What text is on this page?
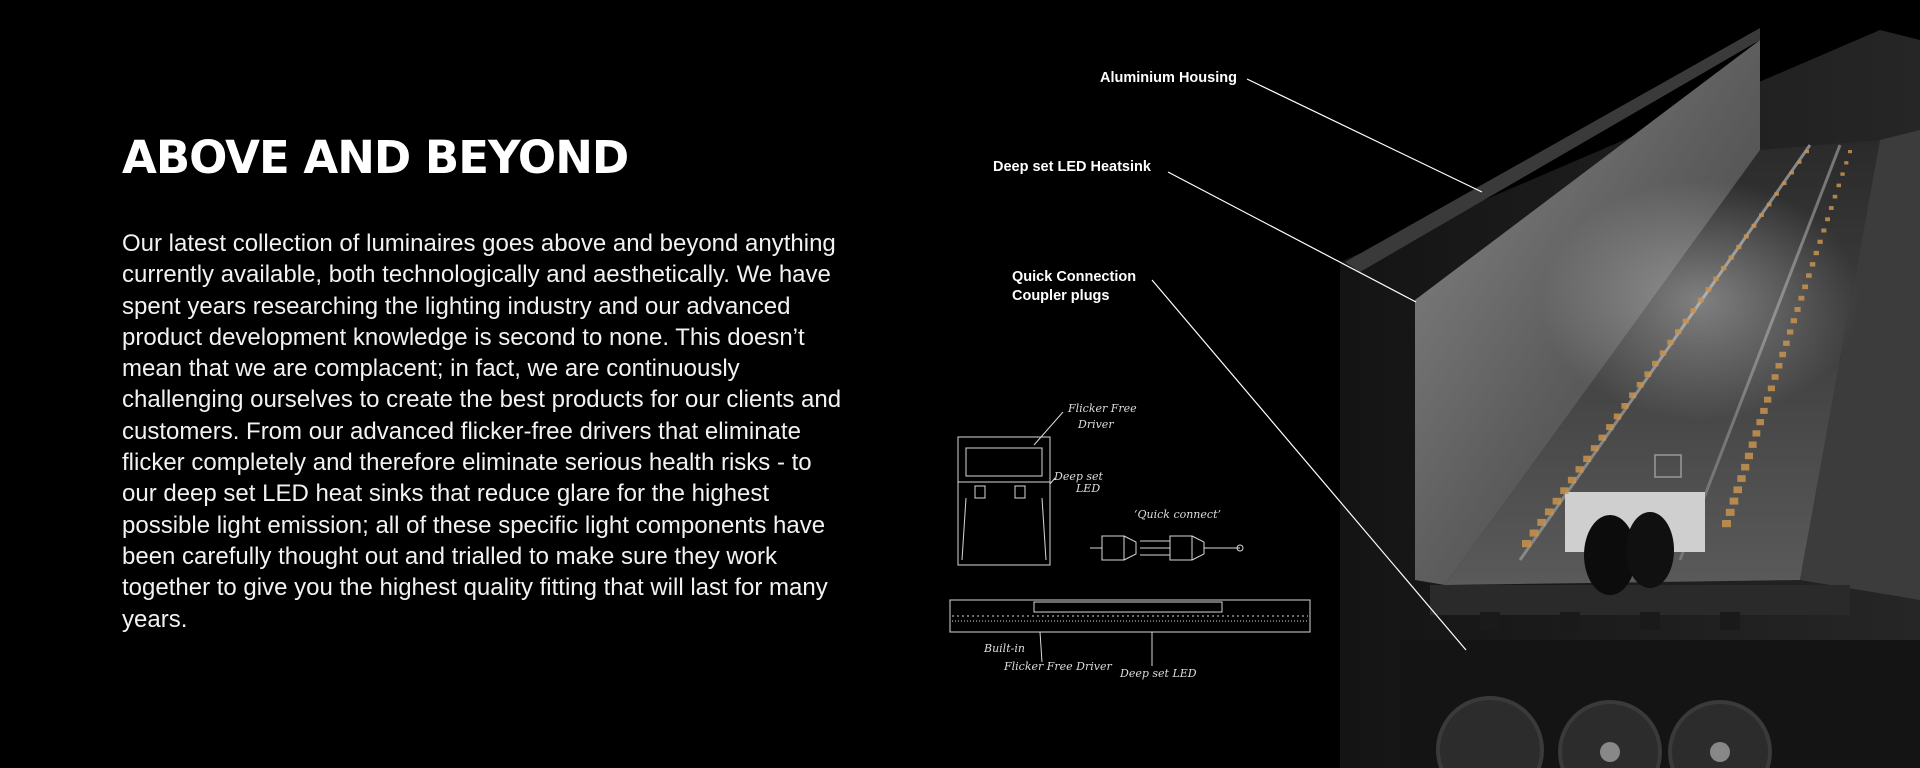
ABOVE AND BEYOND

Our latest collection of luminaires goes above and beyond anything
currently available, both technologically and aesthetically. We have
spent years researching the lighting industry and our advanced
product development knowledge is second to none. This doesn’t
mean that we are complacent; in fact, we are continuously
challenging ourselves to create the best products for our clients and
customers. From our advanced flicker-free drivers that eliminate
flicker completely and therefore eliminate serious health risks - to
our deep set LED heat sinks that reduce glare for the highest
possible light emission; all of these specific light components have
been carefully thought out and trialled to make sure they work
together to give you the highest quality fitting that will last for many
years.

Flicker Free
Driver
Deep set
LED
‘Quick connect’
Built-in
Flicker Free Driver
Deep set LED
Aluminium Housing
Deep set LED Heatsink
Quick Connection
Coupler plugs
